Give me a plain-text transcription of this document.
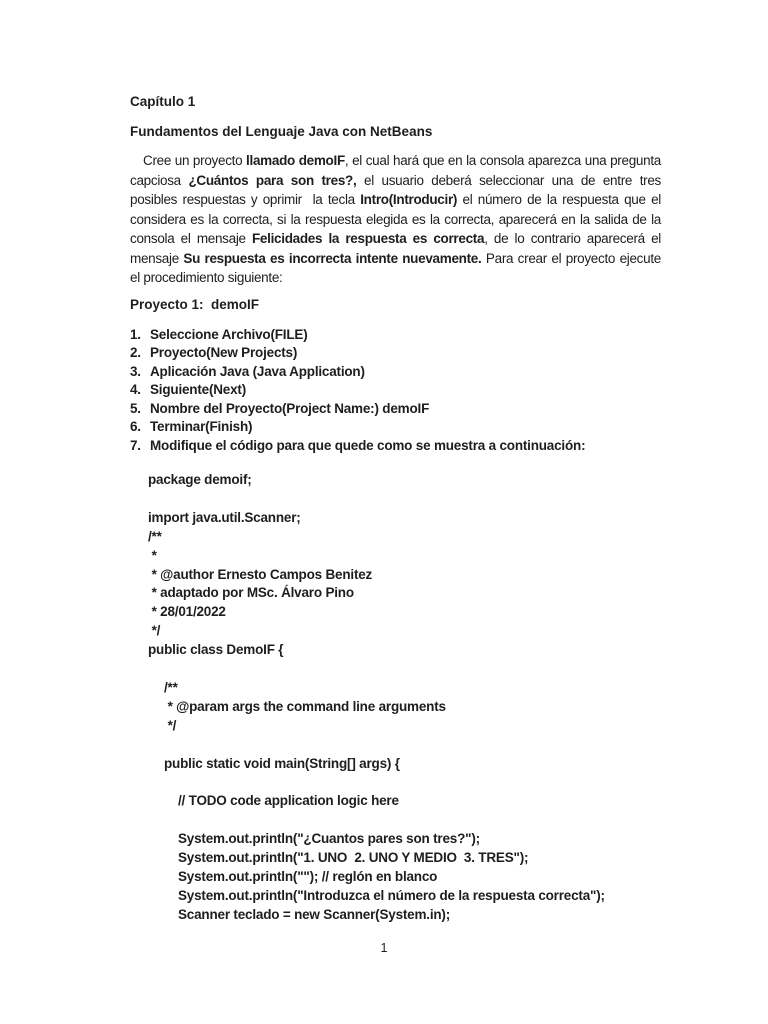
Capítulo 1
Fundamentos del Lenguaje Java con NetBeans
Cree un proyecto llamado demoIF, el cual hará que en la consola aparezca una pregunta capciosa ¿Cuántos para son tres?, el usuario deberá seleccionar una de entre tres posibles respuestas y oprimir  la tecla Intro(Introducir) el número de la respuesta que el considera es la correcta, si la respuesta elegida es la correcta, aparecerá en la salida de la consola el mensaje Felicidades la respuesta es correcta, de lo contrario aparecerá el mensaje Su respuesta es incorrecta intente nuevamente. Para crear el proyecto ejecute el procedimiento siguiente:
Proyecto 1:  demoIF
1. Seleccione Archivo(FILE)
2. Proyecto(New Projects)
3. Aplicación Java (Java Application)
4. Siguiente(Next)
5. Nombre del Proyecto(Project Name:) demoIF
6. Terminar(Finish)
7. Modifique el código para que quede como se muestra a continuación:
package demoif;
import java.util.Scanner;
/**
*
* @author Ernesto Campos Benitez
* adaptado por MSc. Álvaro Pino
* 28/01/2022
*/
public class DemoIF {
/**
* @param args the command line arguments
*/
public static void main(String[] args) {
// TODO code application logic here
System.out.println("¿Cuantos pares son tres?");
System.out.println("1. UNO  2. UNO Y MEDIO  3. TRES");
System.out.println(""); // reglón en blanco
System.out.println("Introduzca el número de la respuesta correcta");
Scanner teclado = new Scanner(System.in);
1
